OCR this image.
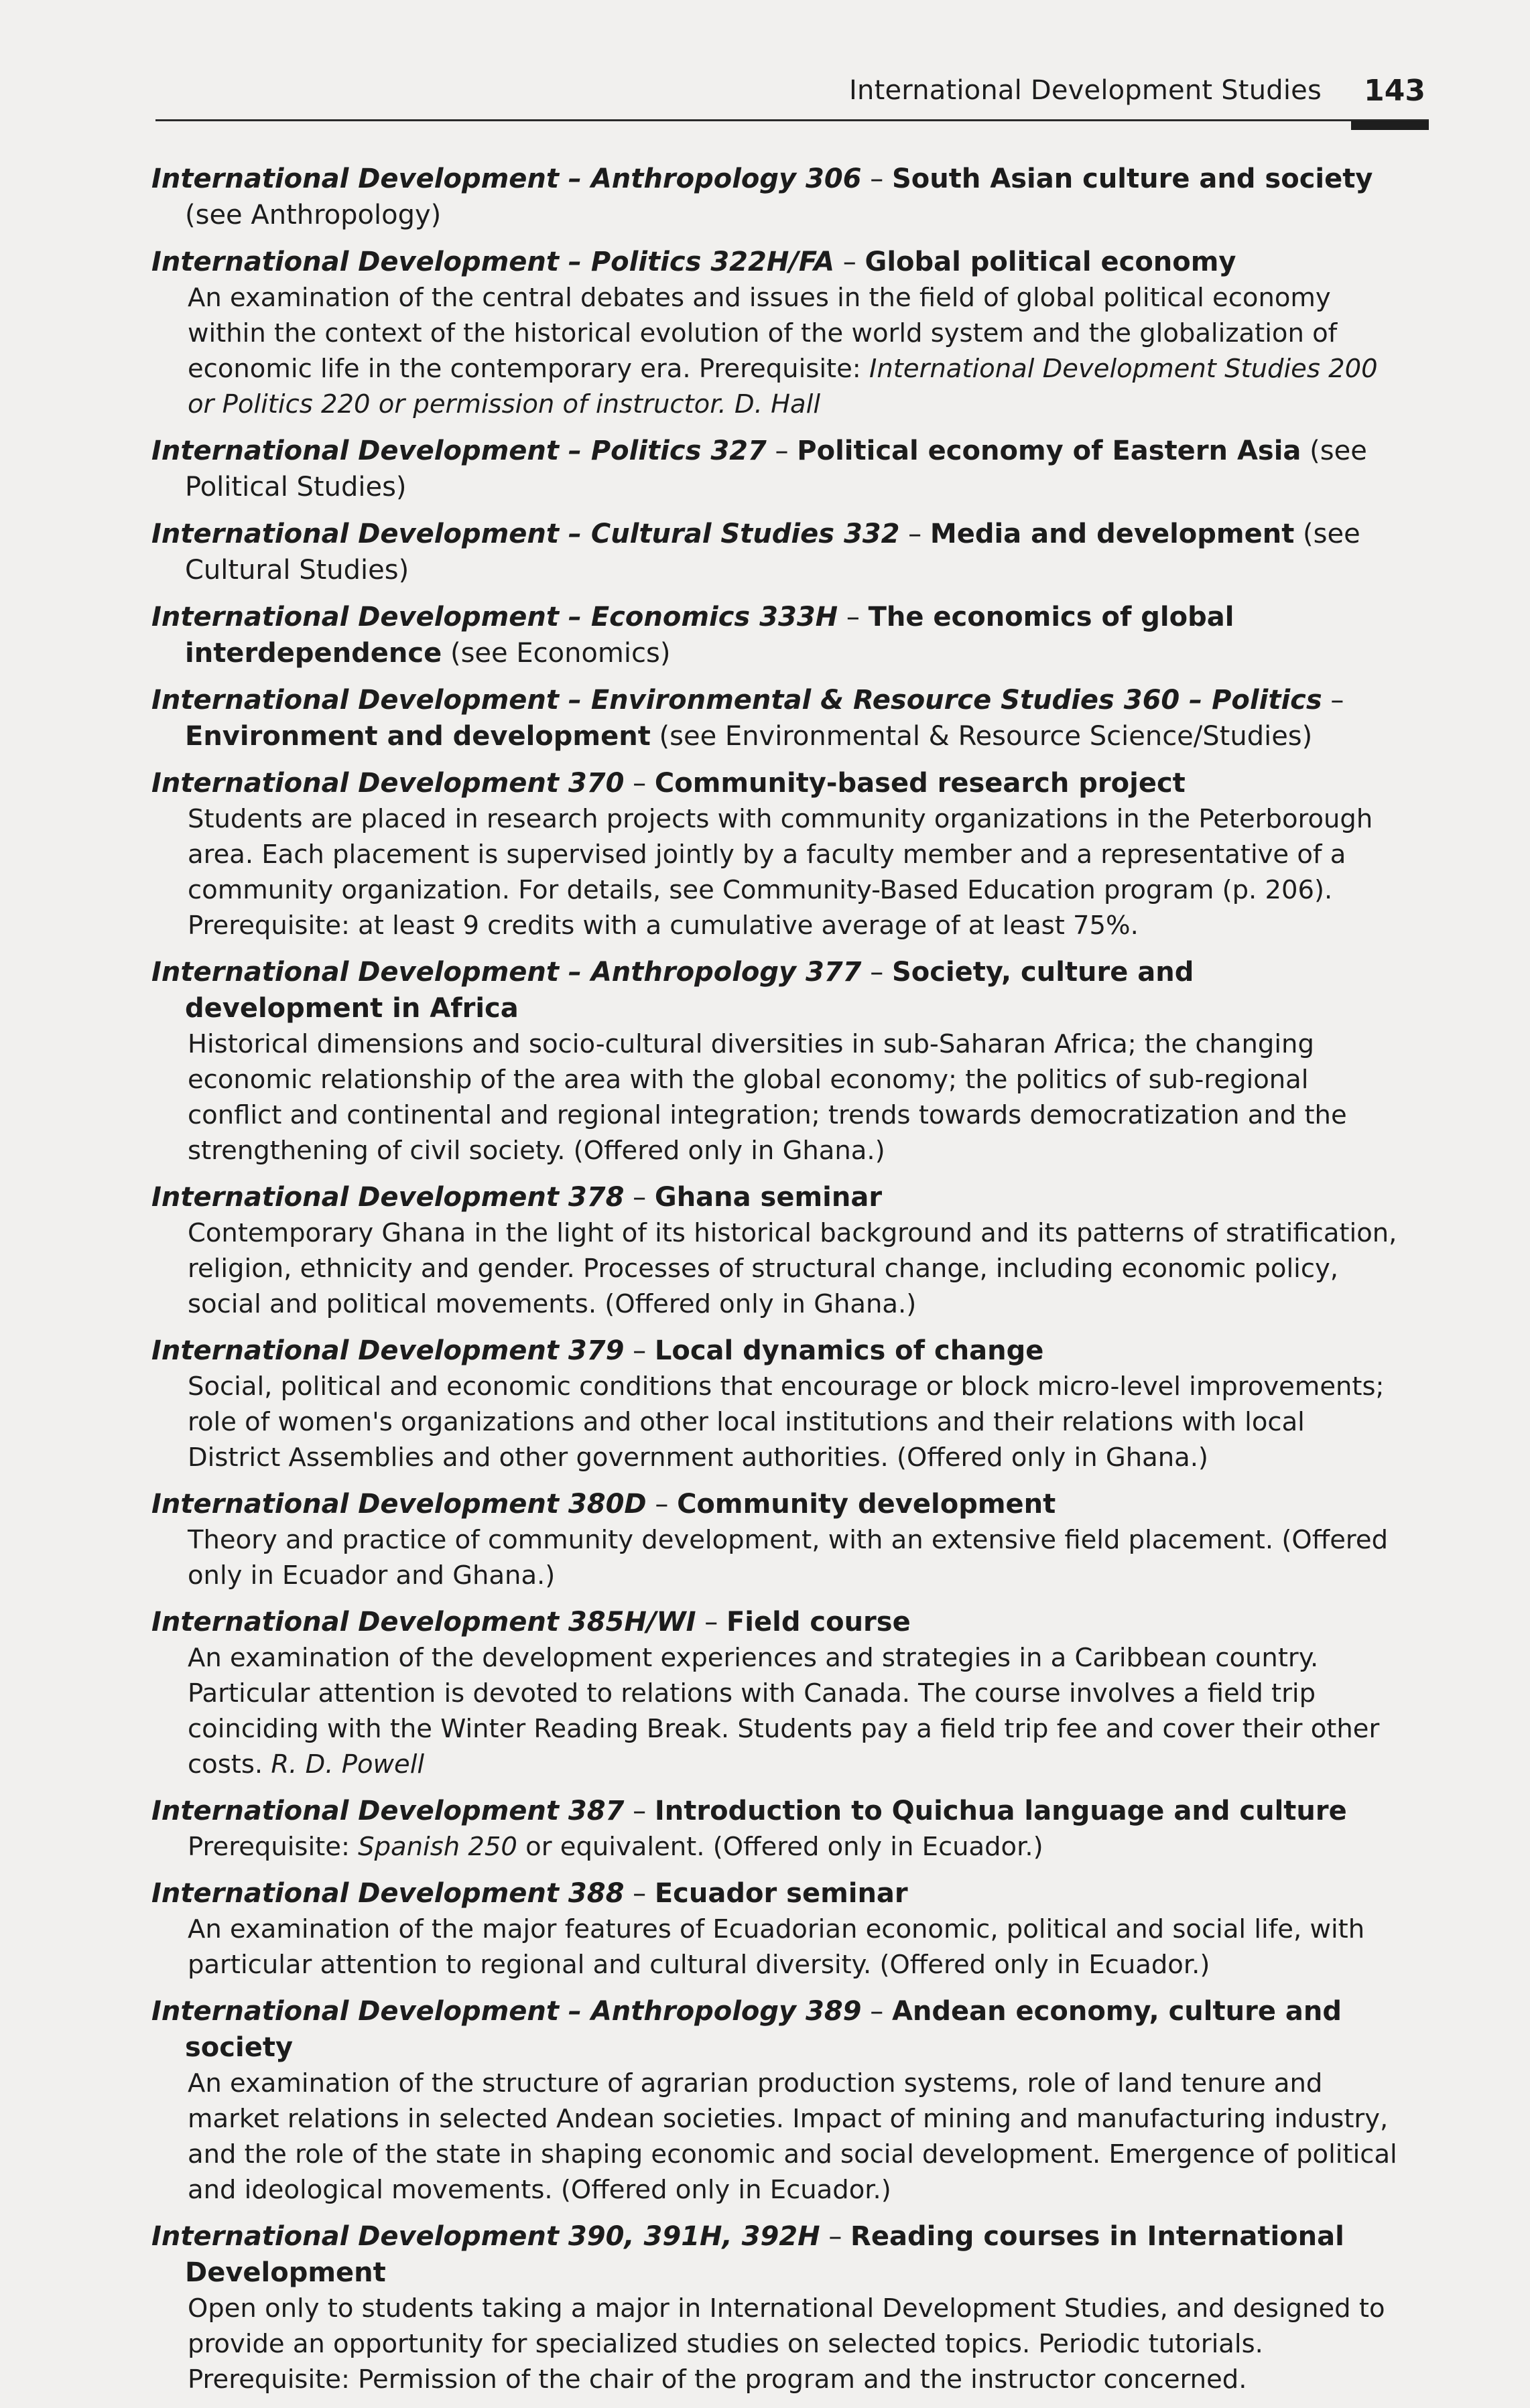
International Development Studies 143
International Development – Anthropology 306 – South Asian culture and society (see Anthropology)
International Development – Politics 322H/FA – Global political economy
An examination of the central debates and issues in the field of global political economy within the context of the historical evolution of the world system and the globalization of economic life in the contemporary era. Prerequisite: International Development Studies 200 or Politics 220 or permission of instructor. D. Hall
International Development – Politics 327 – Political economy of Eastern Asia (see Political Studies)
International Development – Cultural Studies 332 – Media and development (see Cultural Studies)
International Development – Economics 333H – The economics of global interdependence (see Economics)
International Development – Environmental & Resource Studies 360 – Politics – Environment and development (see Environmental & Resource Science/Studies)
International Development 370 – Community-based research project
Students are placed in research projects with community organizations in the Peterborough area. Each placement is supervised jointly by a faculty member and a representative of a community organization. For details, see Community-Based Education program (p. 206). Prerequisite: at least 9 credits with a cumulative average of at least 75%.
International Development – Anthropology 377 – Society, culture and development in Africa
Historical dimensions and socio-cultural diversities in sub-Saharan Africa; the changing economic relationship of the area with the global economy; the politics of sub-regional conflict and continental and regional integration; trends towards democratization and the strengthening of civil society. (Offered only in Ghana.)
International Development 378 – Ghana seminar
Contemporary Ghana in the light of its historical background and its patterns of stratification, religion, ethnicity and gender. Processes of structural change, including economic policy, social and political movements. (Offered only in Ghana.)
International Development 379 – Local dynamics of change
Social, political and economic conditions that encourage or block micro-level improvements; role of women's organizations and other local institutions and their relations with local District Assemblies and other government authorities. (Offered only in Ghana.)
International Development 380D – Community development
Theory and practice of community development, with an extensive field placement. (Offered only in Ecuador and Ghana.)
International Development 385H/WI – Field course
An examination of the development experiences and strategies in a Caribbean country. Particular attention is devoted to relations with Canada. The course involves a field trip coinciding with the Winter Reading Break. Students pay a field trip fee and cover their other costs. R. D. Powell
International Development 387 – Introduction to Quichua language and culture
Prerequisite: Spanish 250 or equivalent. (Offered only in Ecuador.)
International Development 388 – Ecuador seminar
An examination of the major features of Ecuadorian economic, political and social life, with particular attention to regional and cultural diversity. (Offered only in Ecuador.)
International Development – Anthropology 389 – Andean economy, culture and society
An examination of the structure of agrarian production systems, role of land tenure and market relations in selected Andean societies. Impact of mining and manufacturing industry, and the role of the state in shaping economic and social development. Emergence of political and ideological movements. (Offered only in Ecuador.)
International Development 390, 391H, 392H – Reading courses in International Development
Open only to students taking a major in International Development Studies, and designed to provide an opportunity for specialized studies on selected topics. Periodic tutorials. Prerequisite: Permission of the chair of the program and the instructor concerned.
